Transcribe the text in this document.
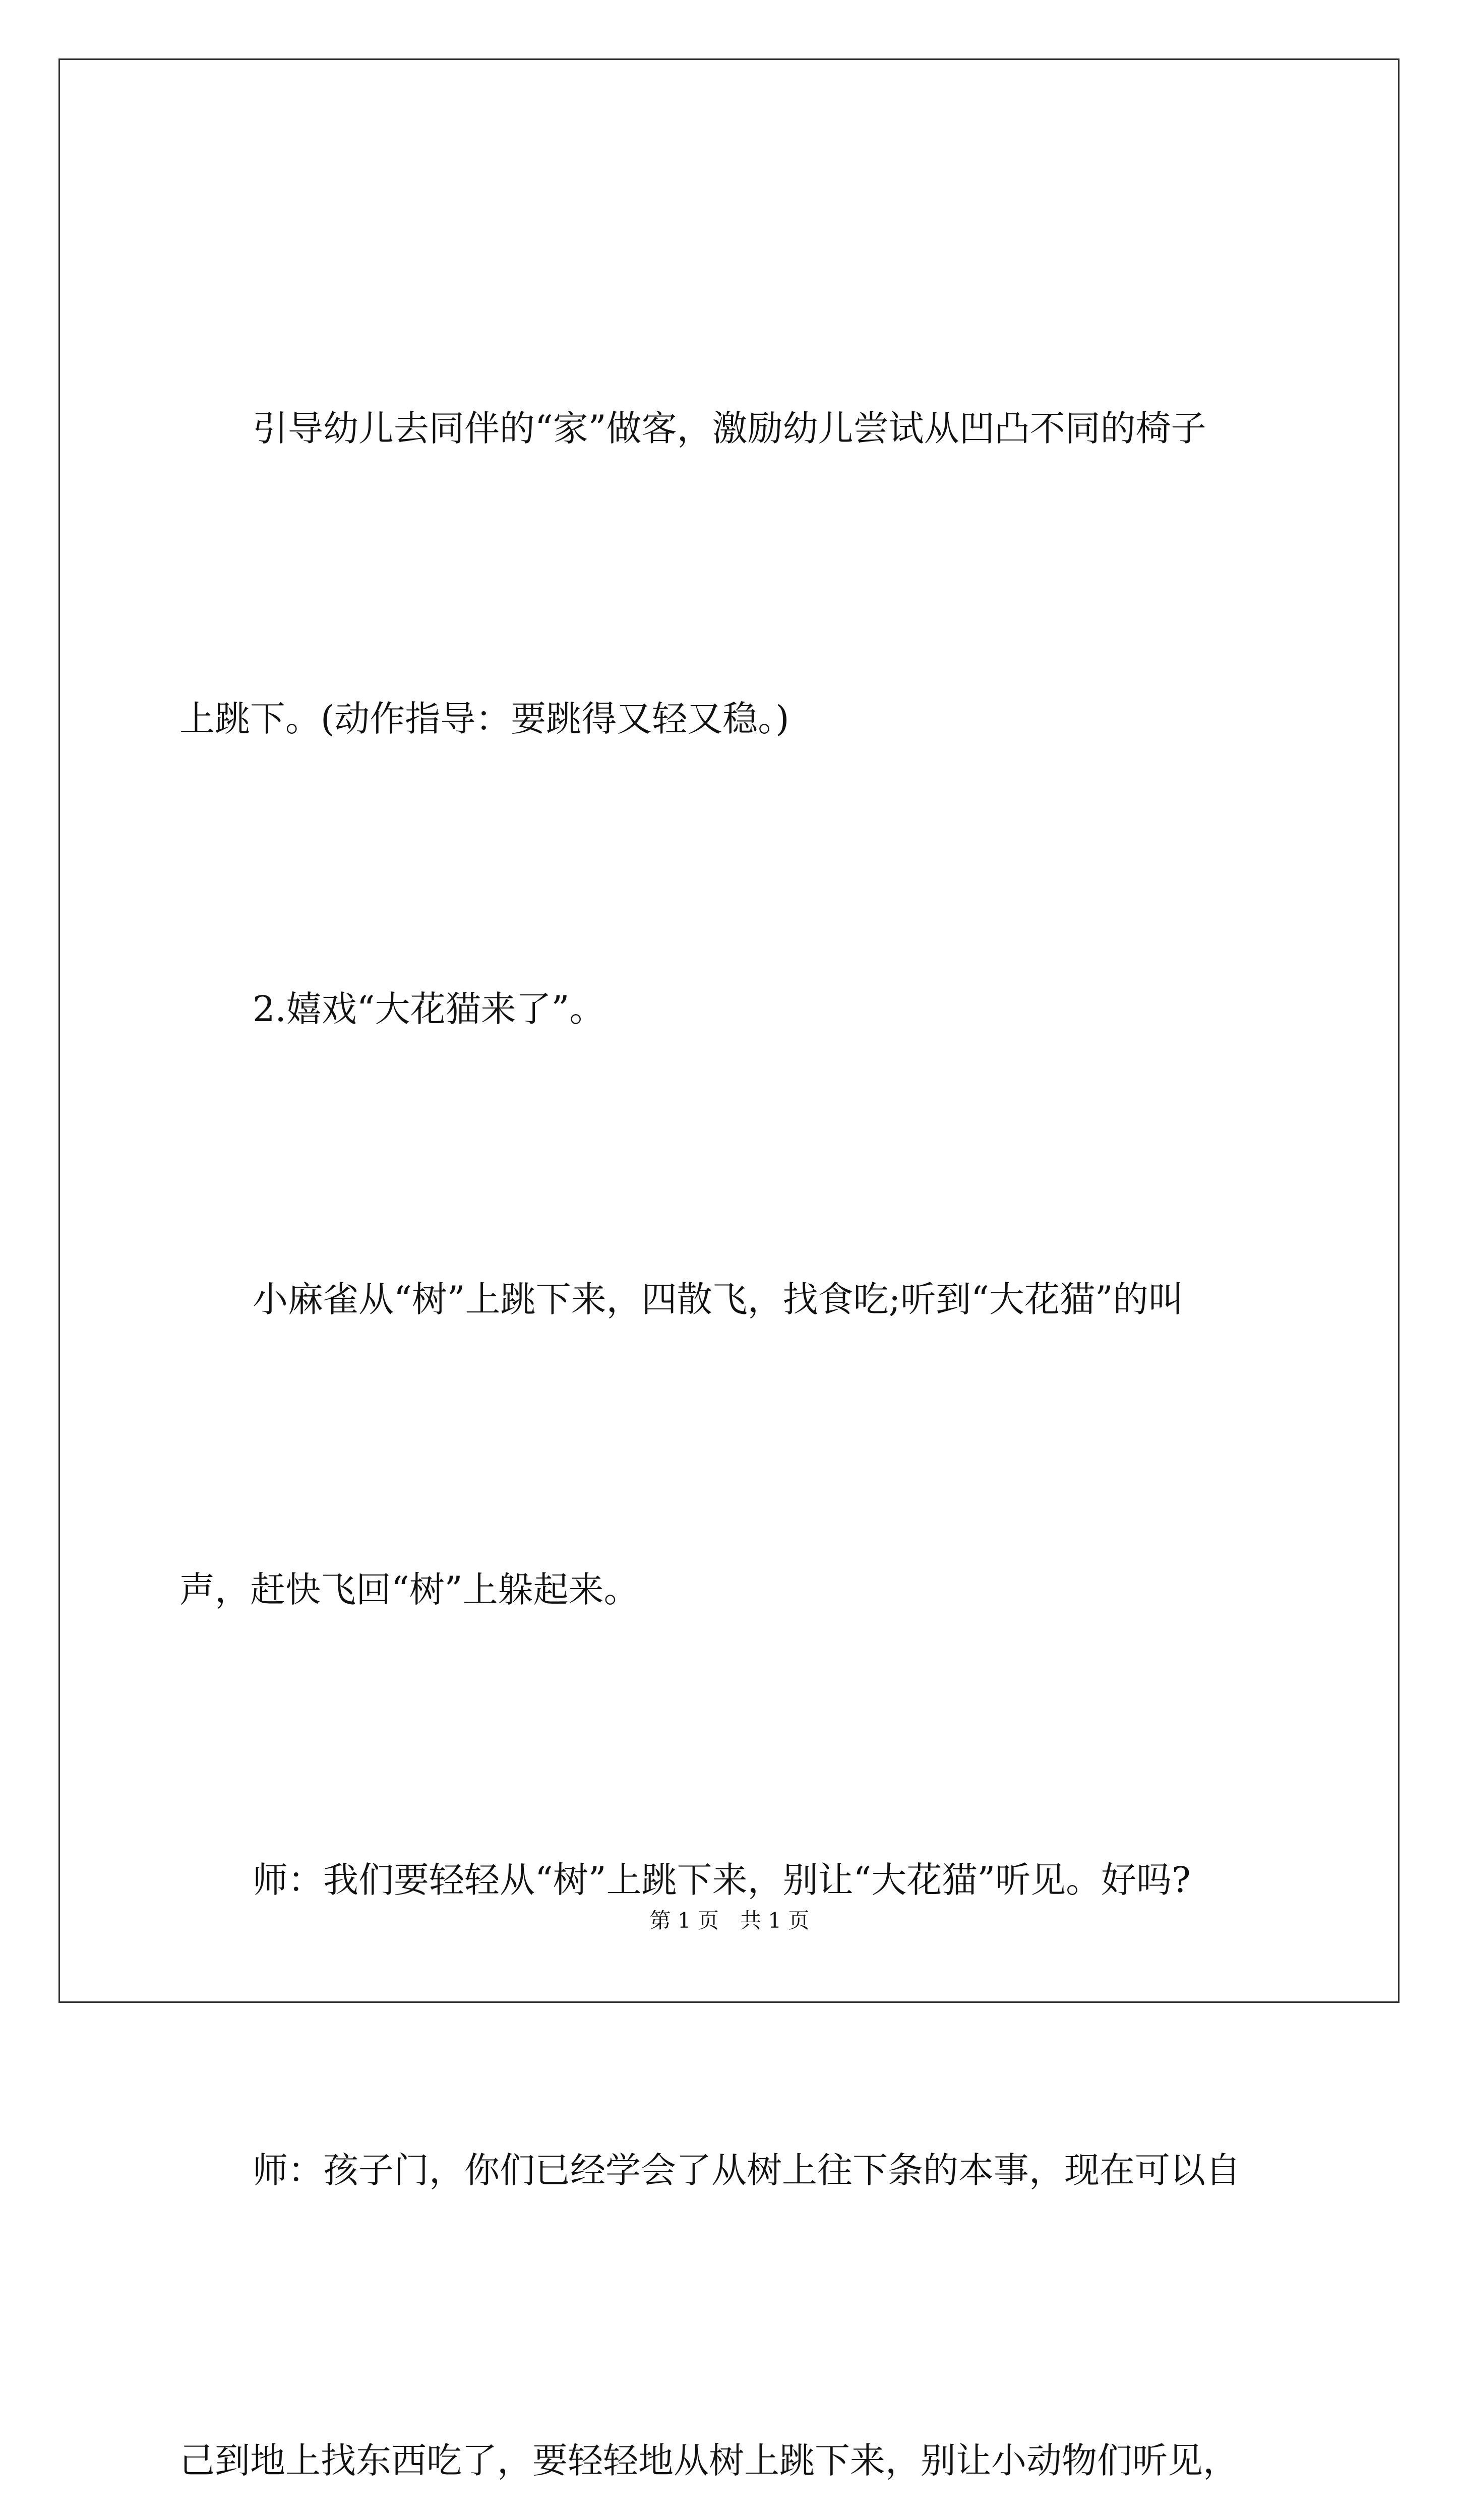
引导幼儿去同伴的“家”做客，激励幼儿尝试从凹凸不同的椅子

上跳下。(动作指导：要跳得又轻又稳。)

2.嬉戏“大花猫来了”。

小麻雀从“树”上跳下来，四散飞，找食吃;听到“大花猫”的叫

声，赶快飞回“树”上躲起来。

师：我们要轻轻从“树”上跳下来，别让“大花猫”听见。好吗?

师：孩子门，你们已经学会了从树上往下条的本事，现在可以自

己到地上找东西吃了，要轻轻地从树上跳下来，别让小动物们听见，

第 1 页　共 1 页
